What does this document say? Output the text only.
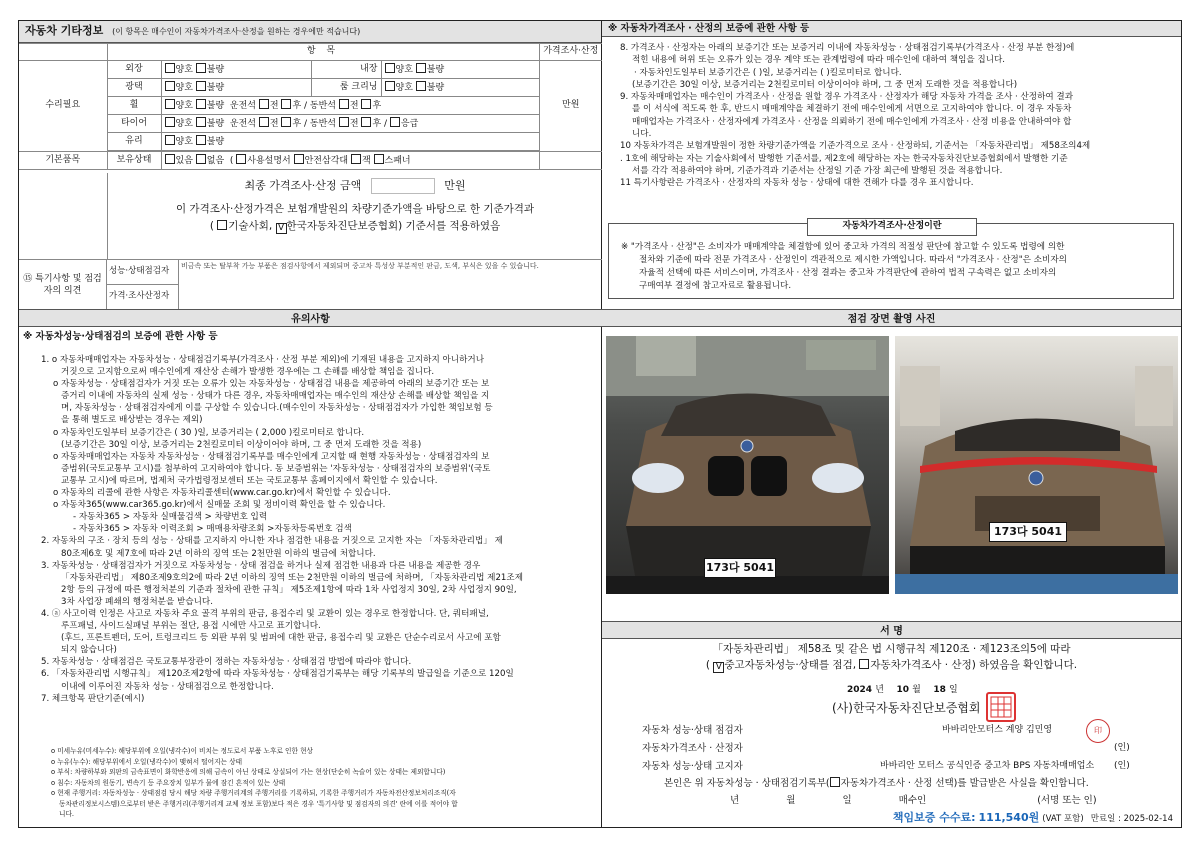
자동차 기타정보 (이 항목은 매수인이 자동차가격조사·산정을 원하는 경우에만 적습니다)
	항 목				가격조사·산정
수리필요	외장	양호 불량	내장	양호 불량	만원
	광택	양호 불량	룸 크리닝	양호 불량	
	휠	양호 불량 운전석 전 후 / 동반석 전 후			
	타이어	양호 불량 운전석 전 후 / 동반석 전 후 / 응급			
	유리	양호 불량			

기본품목	보유상태	있음 없음  ( 사용설명서 안전삼각대 잭 스패너			
최종 가격조사·산정 금액	만원
이 가격조사·산정가격은 보험개발원의 차량기준가액을 바탕으로 한 기준가격과
( 기술사회, V 한국자동차진단보증협회) 기준서를 적용하였음
⑮ 특기사항 및 점검자의 의견
성능·상태점검자	비금속 또는 탈부착 가능 부품은 점검사항에서 제외되며 중고차 특성상 부분적인 판금, 도색, 부식은 있을 수 있습니다.
가격·조사산정자
유의사항
※ 자동차성능·상태점검의 보증에 관한 사항 등
1. o 자동차매매업자는 자동차성능 · 상태점검기록부(가격조사 · 산정 부분 제외)에 기재된 내용을 고지하지 아니하거나
거짓으로 고지함으로써 매수인에게 재산상 손해가 발생한 경우에는 그 손해를 배상할 책임을 집니다.
o 자동차성능 · 상태점검자가 거짓 또는 오류가 있는 자동차성능 · 상태점검 내용을 제공하여 아래의 보증기간 또는 보
증거리 이내에 자동차의 실제 성능 · 상태가 다른 경우, 자동차매매업자는 매수인의 재산상 손해를 배상할 책임을 지
며, 자동차성능 · 상태점검자에게 이를 구상할 수 있습니다.(매수인이 자동차성능 · 상태점검자가 가입한 책임보험 등
을 통해 별도로 배상받는 경우는 제외)
o 자동차인도일부터 보증기간은 ( 30 )일, 보증거리는 ( 2,000 )킬로미터로 합니다.
(보증기간은 30일 이상, 보증거리는 2천킬로미터 이상이어야 하며, 그 중 먼저 도래한 것을 적용)
o 자동차매매업자는 자동차 자동차성능 · 상태점검기록부를 매수인에게 고지할 때 현행 자동차성능 · 상태점검자의 보
증범위(국토교통부 고시)를 첨부하여 고지하여야 합니다. 동 보증범위는 '자동차성능 · 상태점검자의 보증범위'(국토
교통부 고시)에 따르며, 법제처 국가법령정보센터 또는 국토교통부 홈페이지에서 확인할 수 있습니다.
o 자동차의 리콜에 관한 사항은 자동차리콜센터(www.car.go.kr)에서 확인할 수 있습니다.
o 자동차365(www.car365.go.kr)에서 실매물 조회 및 정비이력 확인을 할 수 있습니다.
- 자동차365 > 자동차 실매물검색 > 차량번호 입력
- 자동차365 > 자동차 이력조회 > 매매용차량조회 >자동차등록번호 검색
2. 자동차의 구조 · 장치 등의 성능 · 상태를 고지하지 아니한 자나 점검한 내용을 거짓으로 고지한 자는 「자동차관리법」 제
80조제6호 및 제7호에 따라 2년 이하의 징역 또는 2천만원 이하의 벌금에 처합니다.
3. 자동차성능 · 상태점검자가 거짓으로 자동차성능 · 상태 점검을 하거나 실제 점검한 내용과 다른 내용을 제공한 경우
「자동차관리법」 제80조제9호의2에 따라 2년 이하의 징역 또는 2천만원 이하의 벌금에 처하며, 「자동차관리법 제21조제
2항 등의 규정에 따른 행정처분의 기준과 절차에 관한 규칙」 제5조제1항에 따라 1차 사업정지 30일, 2차 사업정지 90일,
3차 사업장 폐쇄의 행정처분을 받습니다.
4. ⓐ 사고이력 인정은 사고로 자동차 주요 골격 부위의 판금, 용접수리 및 교환이 있는 경우로 한정합니다. 단, 쿼터패널,
루프패널, 사이드실패널 부위는 절단, 용접 시에만 사고로 표기합니다.
(후드, 프론트펜더, 도어, 트렁크리드 등 외판 부위 및 범퍼에 대한 판금, 용접수리 및 교환은 단순수리로서 사고에 포함
되지 않습니다)
5. 자동차성능 · 상태점검은 국토교통부장관이 정하는 자동차성능 · 상태점검 방법에 따라야 합니다.
6. 「자동차관리법 시행규칙」 제120조제2항에 따라 자동차성능 · 상태점검기록부는 해당 기록부의 발급일을 기준으로 120일
이내에 이루어진 자동차 성능 · 상태점검으로 한정합니다.
7. 체크항목 판단기준(예시)
o 미세누유(미세누수): 해당부위에 오일(냉각수)이 비치는 정도로서 부품 노후로 인한 현상
o 누유(누수): 해당부위에서 오일(냉각수)이 맺혀서 떨어지는 상태
o 부식: 차량하부와 외판의 금속표면이 화학반응에 의해 금속이 아닌 상태로 상실되어 가는 현상(단순히 녹슬어 있는 상태는 제외합니다)
o 침수: 자동차의 원동기, 변속기 등 주요장치 일부가 물에 잠긴 흔적이 있는 상태
o 현재 주행거리: 자동차성능 · 상태점검 당시 해당 차량 주행거리계의 주행거리를 기록하되, 기록한 주행거리가 자동차전산정보처리조직(자
동차관리정보시스템)으로부터 받은 주행거리(주행거리계 교체 정보 포함)보다 적은 경우 '특기사항 및 점검자의 의견' 란에 이를 적어야 합
니다.
※ 자동차가격조사 · 산정의 보증에 관한 사항 등
8. 가격조사 · 산정자는 아래의 보증기간 또는 보증거리 이내에 자동차성능 · 상태점검기록부(가격조사 · 산정 부분 한정)에
적힌 내용에 허위 또는 오류가 있는 경우 계약 또는 관계법령에 따라 매수인에 대하여 책임을 집니다.
· 자동차인도일부터 보증기간은 ( )일, 보증거리는 ( )킬로미터로 합니다.
(보증기간은 30일 이상, 보증거리는 2천킬로미터 이상이어야 하며, 그 중 먼저 도래한 것을 적용합니다)
9. 자동차매매업자는 매수인이 가격조사 · 산정을 원할 경우 가격조사 · 산정자가 해당 자동차 가격을 조사 · 산정하여 결과
를 이 서식에 적도록 한 후, 반드시 매매계약을 체결하기 전에 매수인에게 서면으로 고지하여야 합니다. 이 경우 자동차
매매업자는 가격조사 · 산정자에게 가격조사 · 산정을 의뢰하기 전에 매수인에게 가격조사 · 산정 비용을 안내하여야 합
니다.
10 자동차가격은 보험개발원이 정한 차량기준가액을 기준가격으로 조사 · 산정하되, 기준서는 「자동차관리법」 제58조의4제
. 1호에 해당하는 자는 기술사회에서 발행한 기준서를, 제2호에 해당하는 자는 한국자동차진단보증협회에서 발행한 기준
서를 각각 적용하여야 하며, 기준가격과 기준서는 산정일 기준 가장 최근에 발행된 것을 적용합니다.
11 특기사항란은 가격조사 · 산정자의 자동차 성능 · 상태에 대한 견해가 다를 경우 표시합니다.
자동차가격조사·산정이란
※ "가격조사 · 산정"은 소비자가 매매계약을 체결함에 있어 중고차 가격의 적절성 판단에 참고할 수 있도록 법령에 의한
절차와 기준에 따라 전문 가격조사 · 산정인이 객관적으로 제시한 가액입니다. 따라서 "가격조사 · 산정"은 소비자의
자율적 선택에 따른 서비스이며, 가격조사 · 산정 결과는 중고차 가격판단에 관하여 법적 구속력은 없고 소비자의
구매여부 결정에 참고자료로 활용됩니다.
점검 장면 촬영 사진
173다 5041
173다 5041
서 명
「자동차관리법」 제58조 및 같은 법 시행규칙 제120조 · 제123조의5에 따라
( V 중고자동차성능·상태를 점검, 자동차가격조사 · 산정) 하였음을 확인합니다.
2024 년 10 월 18 일
(사)한국자동차진단보증협회
자동차 성능·상태 점검자	바바리안모터스 계양 김민영	印
자동차가격조사 · 산정자	(인)
자동차 성능·상태 고지자	바바리안 모터스 공식인증 중고차 BPS 자동차매매업소 (인)
본인은 위 자동차성능 · 상태점검기록부( 자동차가격조사 · 산정 선택)를 발급받은 사실을 확인합니다.
년	월	일	매수인	(서명 또는 인)
책임보증 수수료: 111,540원 (VAT 포함) 만료일 : 2025-02-14
